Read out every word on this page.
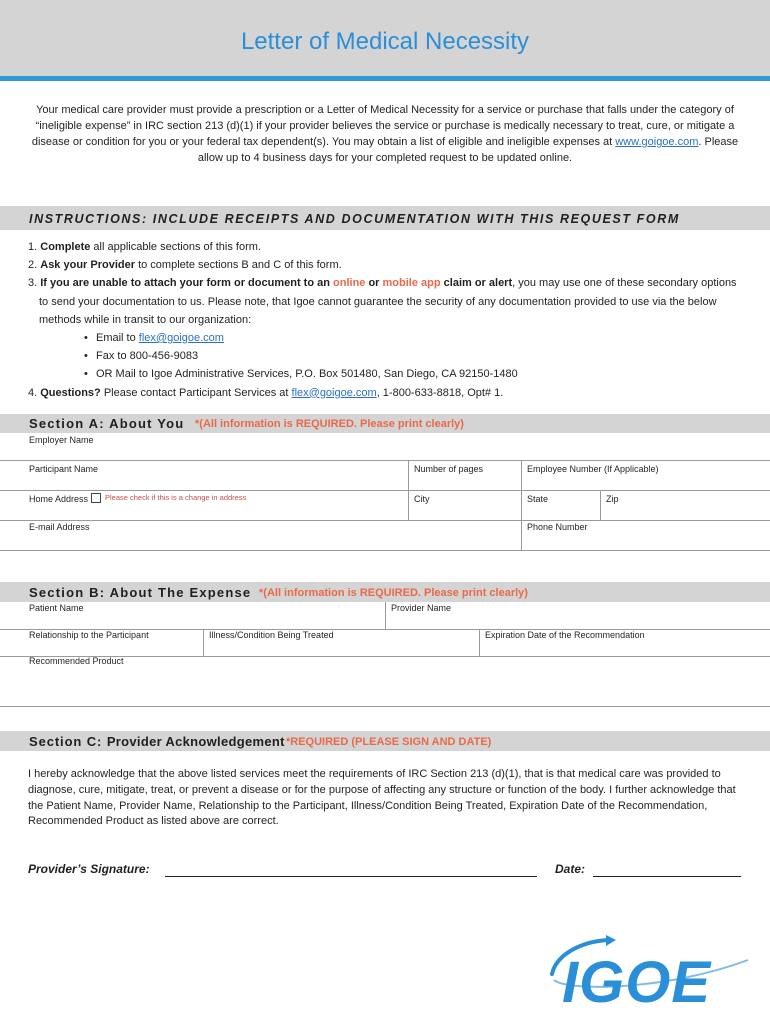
Letter of Medical Necessity
Your medical care provider must provide a prescription or a Letter of Medical Necessity for a service or purchase that falls under the category of “ineligible expense” in IRC section 213 (d)(1) if your provider believes the service or purchase is medically necessary to treat, cure, or mitigate a disease or condition for you or your federal tax dependent(s). You may obtain a list of eligible and ineligible expenses at www.goigoe.com. Please allow up to 4 business days for your completed request to be updated online.
INSTRUCTIONS: INCLUDE RECEIPTS AND DOCUMENTATION WITH THIS REQUEST FORM
1. Complete all applicable sections of this form.
2. Ask your Provider to complete sections B and C of this form.
3. If you are unable to attach your form or document to an online or mobile app claim or alert, you may use one of these secondary options
to send your documentation to us. Please note, that Igoe cannot guarantee the security of any documentation provided to use via the below
methods while in transit to our organization:
• Email to flex@goigoe.com
• Fax to 800-456-9083
• OR Mail to Igoe Administrative Services, P.O. Box 501480, San Diego, CA 92150-1480
4. Questions? Please contact Participant Services at flex@goigoe.com, 1-800-633-8818, Opt# 1.
Section A: About You *(All information is REQUIRED. Please print clearly)
Employer Name
Participant Name	Number of pages	Employee Number (If Applicable)
Home Address Please check if this is a change in address	City	State	Zip
E-mail Address	Phone Number
Section B: About The Expense *(All information is REQUIRED. Please print clearly)
Patient Name	Provider Name
Relationship to the Participant	Illness/Condition Being Treated	Expiration Date of the Recommendation
Recommended Product
Section C: Provider Acknowledgement *REQUIRED (PLEASE SIGN AND DATE)
I hereby acknowledge that the above listed services meet the requirements of IRC Section 213 (d)(1), that is that medical care was provided to diagnose, cure, mitigate, treat, or prevent a disease or for the purpose of affecting any structure or function of the body. I further acknowledge that the Patient Name, Provider Name, Relationship to the Participant, Illness/Condition Being Treated, Expiration Date of the Recommendation, Recommended Product as listed above are correct.
Provider’s Signature:	Date:
IGOE
